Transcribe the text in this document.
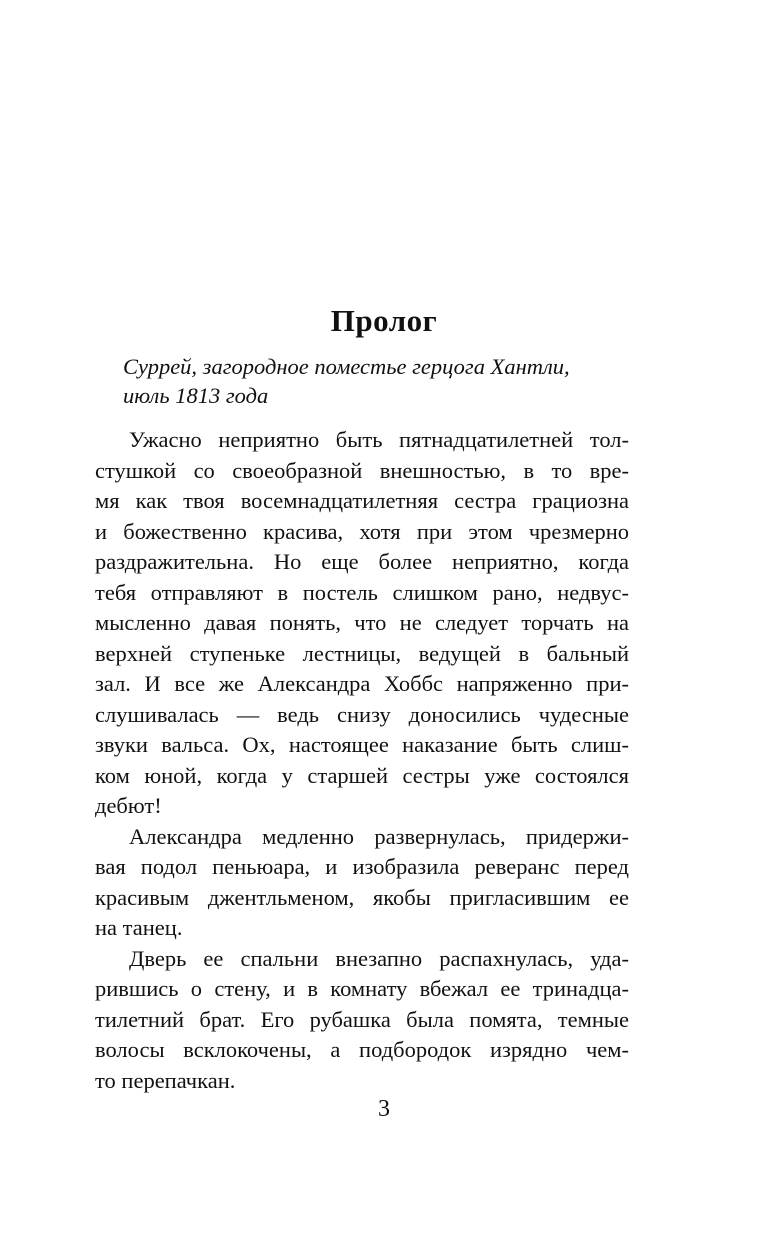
Пролог
Суррей, загородное поместье герцога Хантли,
июль 1813 года

Ужасно неприятно быть пятнадцатилетней тол-
стушкой со своеобразной внешностью, в то вре-
мя как твоя восемнадцатилетняя сестра грациозна
и божественно красива, хотя при этом чрезмерно
раздражительна. Но еще более неприятно, когда
тебя отправляют в постель слишком рано, недвус-
мысленно давая понять, что не следует торчать на
верхней ступеньке лестницы, ведущей в бальный
зал. И все же Александра Хоббс напряженно при-
слушивалась — ведь снизу доносились чудесные
звуки вальса. Ох, настоящее наказание быть слиш-
ком юной, когда у старшей сестры уже состоялся
дебют!

Александра медленно развернулась, придержи-
вая подол пеньюара, и изобразила реверанс перед
красивым джентльменом, якобы пригласившим ее
на танец.

Дверь ее спальни внезапно распахнулась, уда-
рившись о стену, и в комнату вбежал ее тринадца-
тилетний брат. Его рубашка была помята, темные
волосы всклокочены, а подбородок изрядно чем-
то перепачкан.

3
